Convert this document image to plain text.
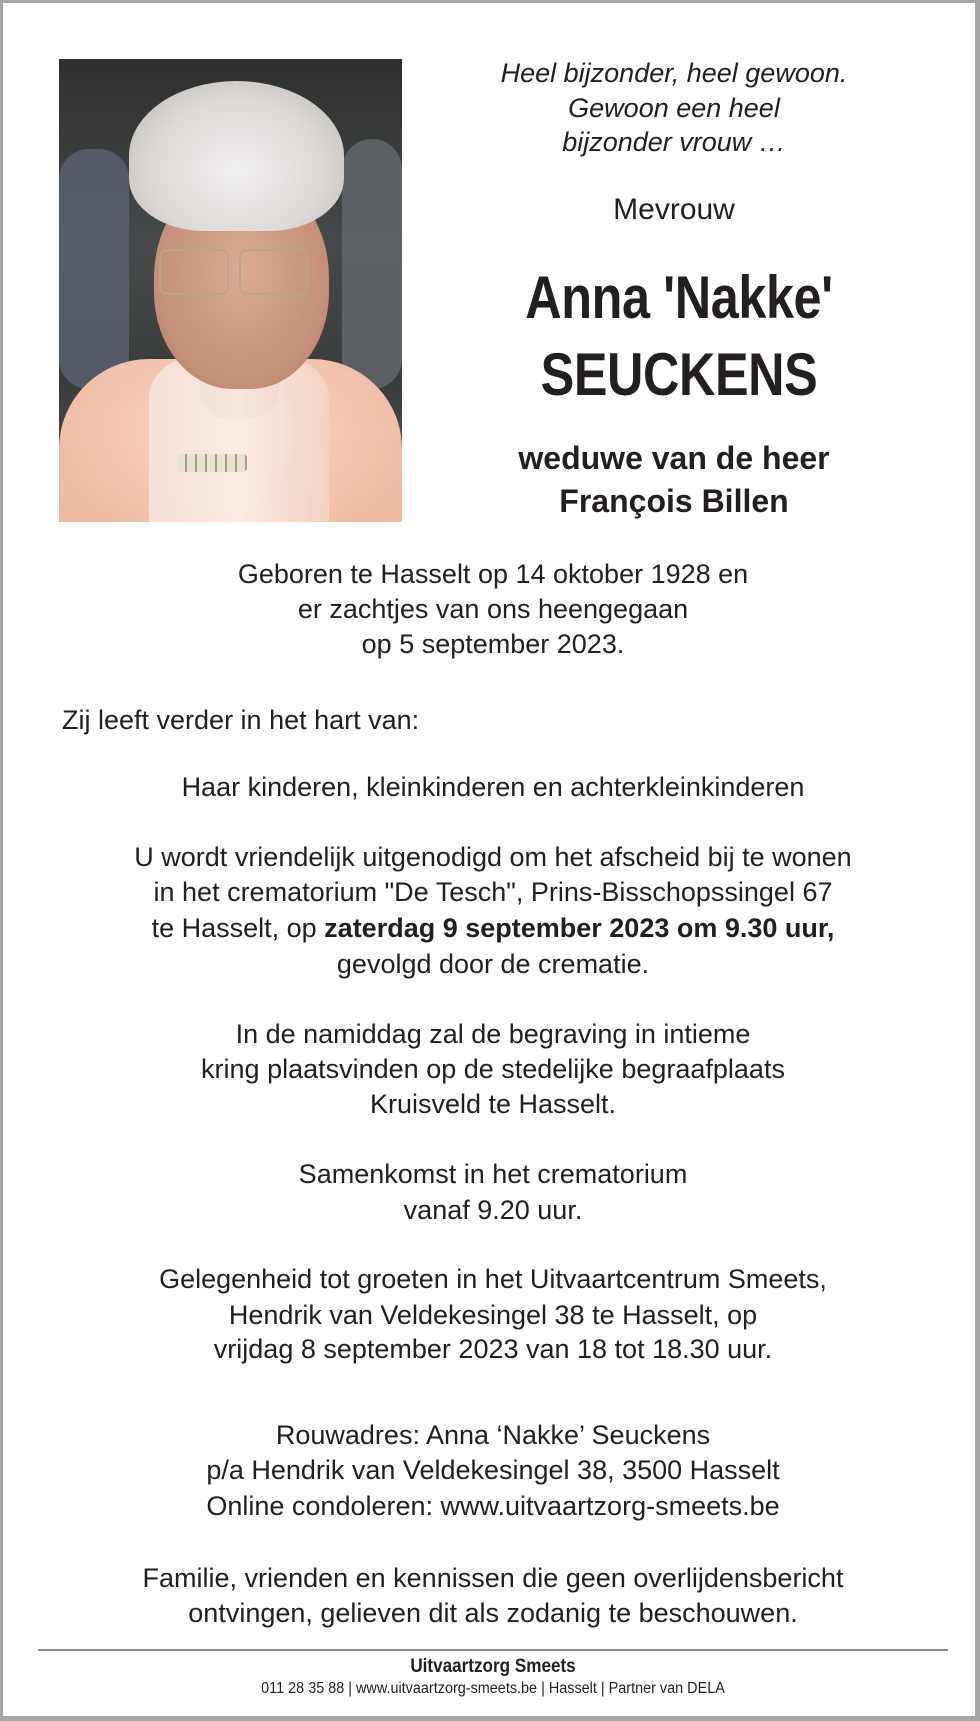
Heel bijzonder, heel gewoon.
Gewoon een heel
bijzonder vrouw …
Mevrouw
Anna 'Nakke'
SEUCKENS
weduwe van de heer
François Billen
Geboren te Hasselt op 14 oktober 1928 en
er zachtjes van ons heengegaan
op 5 september 2023.
Zij leeft verder in het hart van:
Haar kinderen, kleinkinderen en achterkleinkinderen
U wordt vriendelijk uitgenodigd om het afscheid bij te wonen
in het crematorium "De Tesch", Prins-Bisschopssingel 67
te Hasselt, op zaterdag 9 september 2023 om 9.30 uur,
gevolgd door de crematie.
In de namiddag zal de begraving in intieme
kring plaatsvinden op de stedelijke begraafplaats
Kruisveld te Hasselt.
Samenkomst in het crematorium
vanaf 9.20 uur.
Gelegenheid tot groeten in het Uitvaartcentrum Smeets,
Hendrik van Veldekesingel 38 te Hasselt, op
vrijdag 8 september 2023 van 18 tot 18.30 uur.
Rouwadres: Anna ‘Nakke’ Seuckens
p/a Hendrik van Veldekesingel 38, 3500 Hasselt
Online condoleren: www.uitvaartzorg-smeets.be
Familie, vrienden en kennissen die geen overlijdensbericht
ontvingen, gelieven dit als zodanig te beschouwen.
Uitvaartzorg Smeets
011 28 35 88 | www.uitvaartzorg-smeets.be | Hasselt | Partner van DELA
